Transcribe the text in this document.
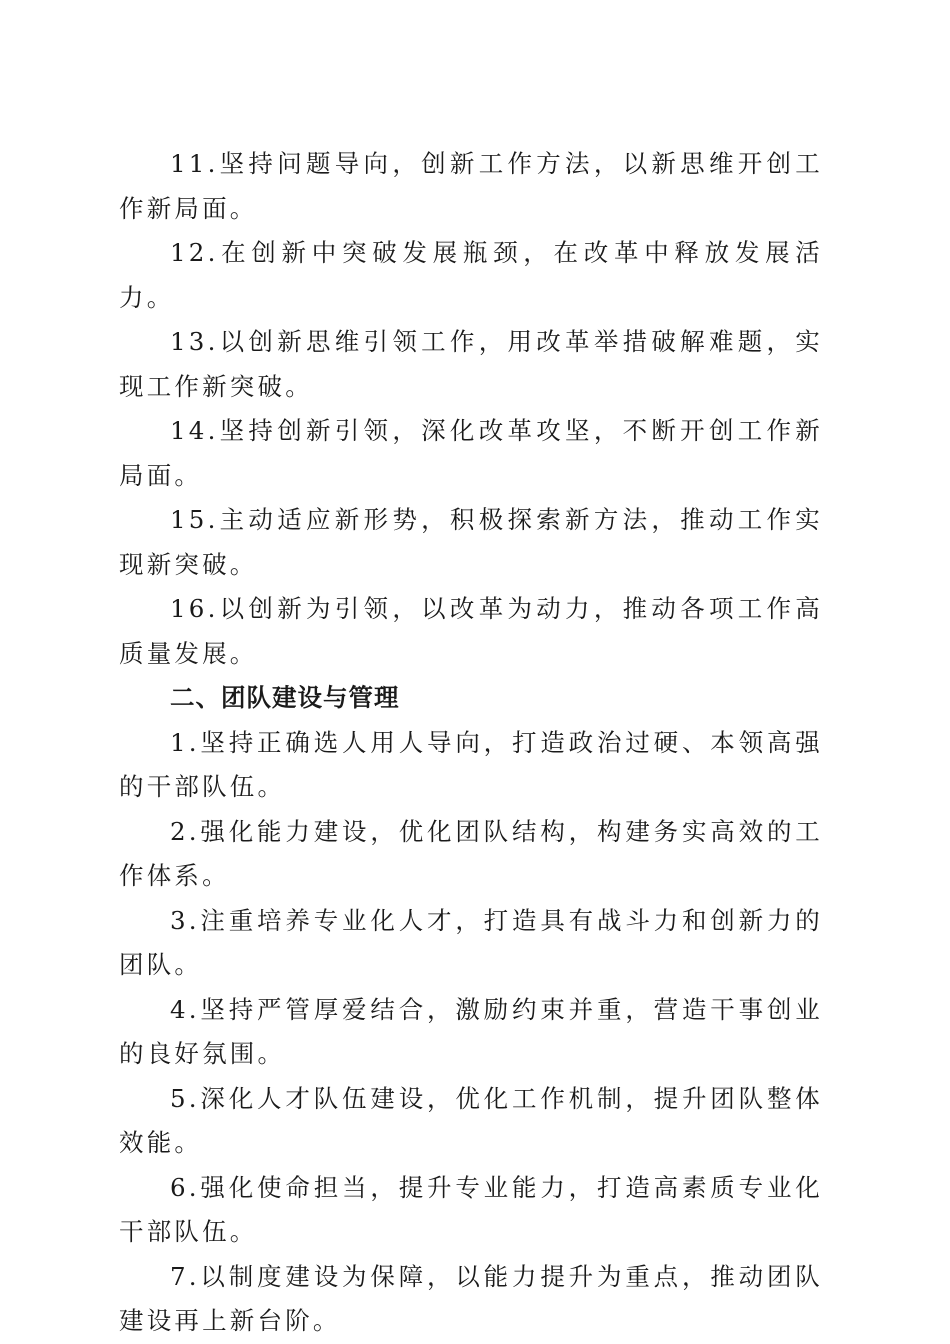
11.坚持问题导向，创新工作方法，以新思维开创工作新局面。

12.在创新中突破发展瓶颈，在改革中释放发展活力。

13.以创新思维引领工作，用改革举措破解难题，实现工作新突破。

14.坚持创新引领，深化改革攻坚，不断开创工作新局面。

15.主动适应新形势，积极探索新方法，推动工作实现新突破。

16.以创新为引领，以改革为动力，推动各项工作高质量发展。

二、团队建设与管理

1.坚持正确选人用人导向，打造政治过硬、本领高强的干部队伍。

2.强化能力建设，优化团队结构，构建务实高效的工作体系。

3.注重培养专业化人才，打造具有战斗力和创新力的团队。

4.坚持严管厚爱结合，激励约束并重，营造干事创业的良好氛围。

5.深化人才队伍建设，优化工作机制，提升团队整体效能。

6.强化使命担当，提升专业能力，打造高素质专业化干部队伍。

7.以制度建设为保障，以能力提升为重点，推动团队建设再上新台阶。
